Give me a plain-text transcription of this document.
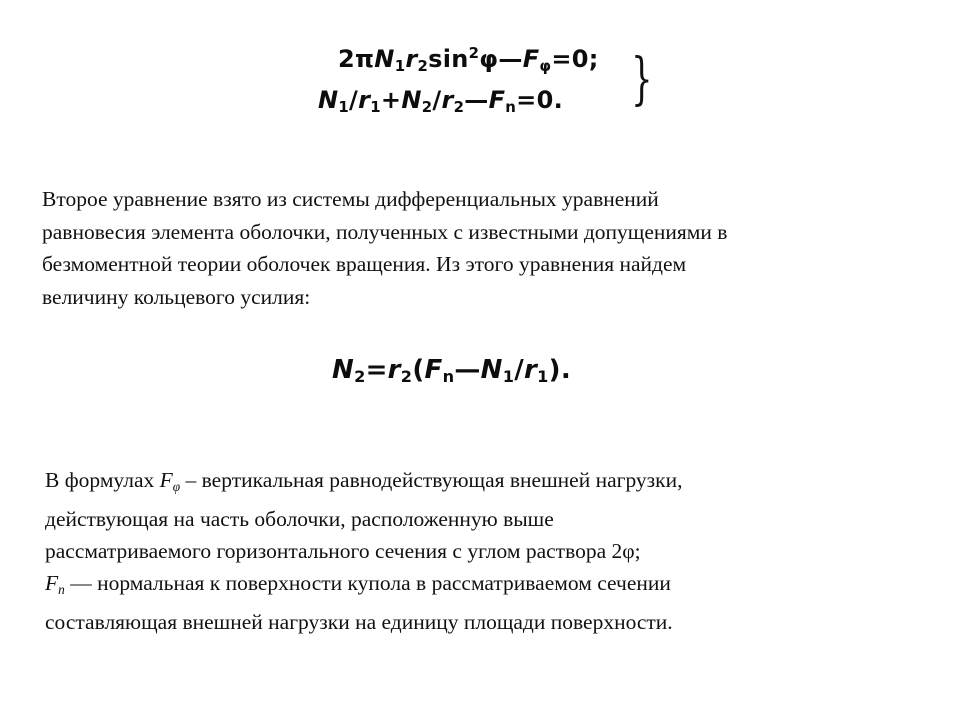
$2\pi N_1r_2\sin^2\varphi—F_\varphi=0$;
$N_1/r_1+N_2/r_2—F_n=0$. }

Второе уравнение взято из системы дифференциальных уравнений
равновесия элемента оболочки, полученных с известными допущениями в
безмоментной теории оболочек вращения. Из этого уравнения найдем
величину кольцевого усилия:

$N_2=r_2(F_n—N_1/r_1)$.

В формулах $F_\varphi$ – вертикальная равнодействующая внешней нагрузки,
действующая на часть оболочки, расположенную выше
рассматриваемого горизонтального сечения с углом раствора 2φ;
$F_n$ — нормальная к поверхности купола в рассматриваемом сечении
составляющая внешней нагрузки на единицу площади поверхности.
